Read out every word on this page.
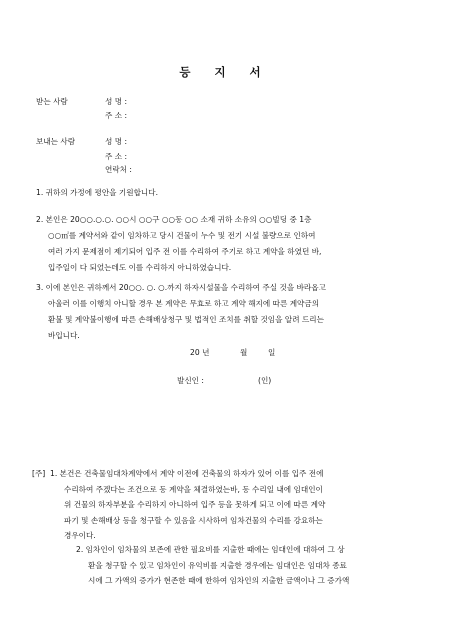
등 지 서
받는 사람	성 명 :
주 소 :
보내는 사람	성 명 :
주 소 :
연락처 :
1. 귀하의 가정에 평안을 기원합니다.
2. 본인은 20○○.○.○. ○○시 ○○구 ○○동 ○○ 소재 귀하 소유의 ○○빌딩 중 1층
○○㎡를 계약서와 같이 임차하고 당시 건물이 누수 및 전기 시설 불량으로 인하여
여러 가지 문제점이 제기되어 입주 전 이를 수리하여 주기로 하고 계약을 하였던 바,
입주일이 다 되었는데도 이를 수리하지 아니하였습니다.
3. 이에 본인은 귀하께서 20○○. ○. ○.까지 하자시설물을 수리하여 주실 것을 바라옵고
아울러 이를 이행치 아니할 경우 본 계약은 무효로 하고 계약 해지에 따른 계약금의
환불 및 계약불이행에 따른 손해배상청구 및 법적인 조치를 취할 것임을 알려 드리는
바입니다.
20 년	월	일
발신인 :	(인)
[주] 1. 본건은 건축물임대차계약에서 계약 이전에 건축물의 하자가 있어 이를 입주 전에
수리하여 주겠다는 조건으로 동 계약을 체결하였는바, 동 수리일 내에 임대인이
위 건물의 하자부분을 수리하지 아니하여 입주 등을 못하게 되고 이에 따른 계약
파기 및 손해배상 등을 청구할 수 있음을 시사하여 임차건물의 수리를 강요하는
경우이다.
2. 임차인이 임차물의 보존에 관한 필요비를 지출한 때에는 임대인에 대하여 그 상
환을 청구할 수 있고 임차인이 유익비를 지출한 경우에는 임대인은 임대차 종료
시에 그 가액의 증가가 현존한 때에 한하여 임차인의 지출한 금액이나 그 증가액
